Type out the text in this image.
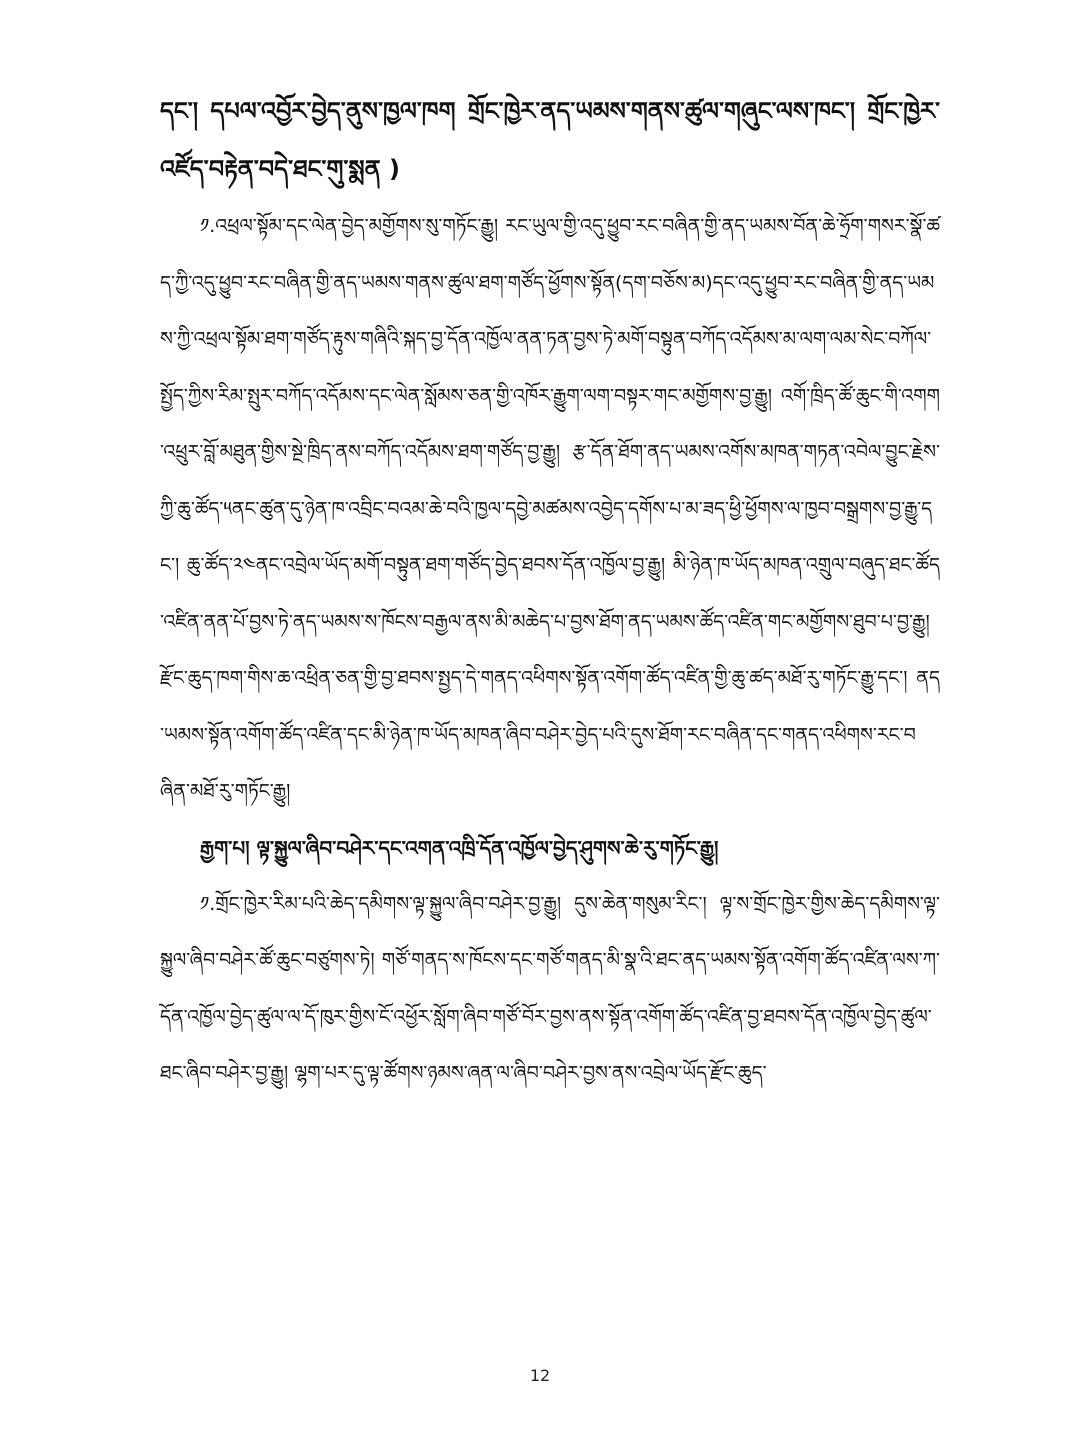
དང་། དཔལ་འབྱོར་བྱེད་ནུས་ཁྱལ་ཁག གྲོང་ཁྱེར་ནད་ཡམས་གནས་ཚུལ་གཞུང་ལས་ཁང་། གྲོང་ཁྱེར་འཛོད་བརྟེན་བདེ་ཐང་གུ་སྨན )

༡.འཕྲལ་སྟོམ་དང་ལེན་བྱེད་མགྱོགས་སུ་གཏོང་རྒྱུ། རང་ཡུལ་གྱི་འདུ་ཕྱུབ་རང་བཞིན་གྱི་ནད་ཡམས་བོན་ཆེ་ཧྲོག་གསར་སྣོ་ཚད་ཀྱི་འདུ་ཕྱུབ་རང་བཞིན་གྱི་ནད་ཡམས་གནས་ཚུལ་ཐག་གཙོད་ཕྱོགས་སྟོན(དག་བཅོས་མ)དང་འདུ་ཕྱུབ་རང་བཞིན་གྱི་ནད་ཡམས་ཀྱི་འཕྲལ་སྟོམ་ཐག་གཙོད་རྟུས་གཞིའི་སྐད་བྱ་དོན་འཁྱོལ་ནན་ཏན་བྱས་ཏེ་མགོ་བསྟུན་བཀོད་འདོམས་མ་ལག་ལམ་སེང་བཀོལ་སྤྱོད་ཀྱིས་རིམ་སྤུར་བཀོད་འདོམས་དང་ལེན་སློམས་ཅན་གྱི་འཁོར་རྒྱུག་ལག་བསྟར་གང་མགྱོགས་བྱ་རྒྱུ། འགོ་ཁྲིད་ཚོ་ཆུང་གི་འགག་འཕྲུར་བློ་མཐུན་གྱིས་སྔེ་ཁྲིད་ནས་བཀོད་འདོམས་ཐག་གཙོད་བྱ་རྒྱུ། རྩ་དོན་ཐོག་ནད་ཡམས་འགོས་མཁན་གཏན་འབེལ་བྱུང་རྗེས་ཀྱི་ཆུ་ཚོད་༥ནང་ཚུན་དུ་ཉེན་ཁ་འབྲིང་བའམ་ཆེ་བའི་ཁྱལ་དབྱེ་མཚམས་འབྱེད་དགོས་པ་མ་ཟད་ཕྱི་ཕྱོགས་ལ་ཁྱབ་བསྒྲགས་བྱ་རྒྱུ་དང་། ཆུ་ཚོད་༢༤ནང་འབྲེལ་ཡོད་མགོ་བསྟུན་ཐག་གཙོད་བྱེད་ཐབས་དོན་འཁྱོལ་བྱ་རྒྱུ། མི་ཉེན་ཁ་ཡོད་མཁན་འགྲུལ་བཞུད་ཐང་ཚོད་འཛིན་ནན་པོ་བྱས་ཏེ་ནད་ཡམས་ས་ཁོངས་བརྒྱལ་ནས་མི་མཆེད་པ་བྱས་ཐོག་ནད་ཡམས་ཚོད་འཛིན་གང་མགྱོགས་ཐུབ་པ་བྱ་རྒྱུ། རྫོང་ཆུད་ཁག་གིས་ཆ་འཕྲིན་ཅན་གྱི་བྱ་ཐབས་སྤྱད་དེ་གནད་འཕིགས་སྟོན་འགོག་ཚོད་འཛིན་གྱི་ཆུ་ཚད་མཐོ་རུ་གཏོང་རྒྱུ་དང་། ནད་ཡམས་སྟོན་འགོག་ཚོད་འཛིན་དང་མི་ཉེན་ཁ་ཡོད་མཁན་ཞིབ་བཤེར་བྱེད་པའི་དུས་ཐོག་རང་བཞིན་དང་གནད་འཕིགས་རང་བཞིན་མཐོ་རུ་གཏོང་རྒྱུ།

རྒྱག་པ། ལྟ་སྐྱུལ་ཞིབ་བཤེར་དང་འགན་འཁྲི་དོན་འཁྱོལ་བྱེད་ཤུགས་ཆེ་རུ་གཏོང་རྒྱུ།

༡.གྲོང་ཁྱེར་རིམ་པའི་ཆེད་དམིགས་ལྟ་སྐྱུལ་ཞིབ་བཤེར་བྱ་རྒྱུ། དུས་ཆེན་གསུམ་རིང་། ལྟ་ས་གྲོང་ཁྱེར་གྱིས་ཆེད་དམིགས་ལྟ་སྐྱུལ་ཞིབ་བཤེར་ཚོ་ཆུང་བཙུགས་ཏེ། གཙོ་གནད་ས་ཁོངས་དང་གཙོ་གནད་མི་སྣ་འི་ཐང་ནད་ཡམས་སྟོན་འགོག་ཚོད་འཛིན་ལས་ཀ་དོན་འཁྱོལ་བྱེད་ཚུལ་ལ་དོ་ཁུར་གྱིས་ངོ་འཕྱོར་སློག་ཞིབ་གཙོ་བོར་བྱས་ནས་སྟོན་འགོག་ཚོད་འཛིན་བྱ་ཐབས་དོན་འཁྱོལ་བྱེད་ཚུལ་ཐང་ཞིབ་བཤེར་བྱ་རྒྱུ། ལྷག་པར་དུ་ལྟ་ཚོགས་ཉམས་ཞན་ལ་ཞིབ་བཤེར་བྱས་ནས་འབྲེལ་ཡོད་རྫོང་ཆུད་

12
